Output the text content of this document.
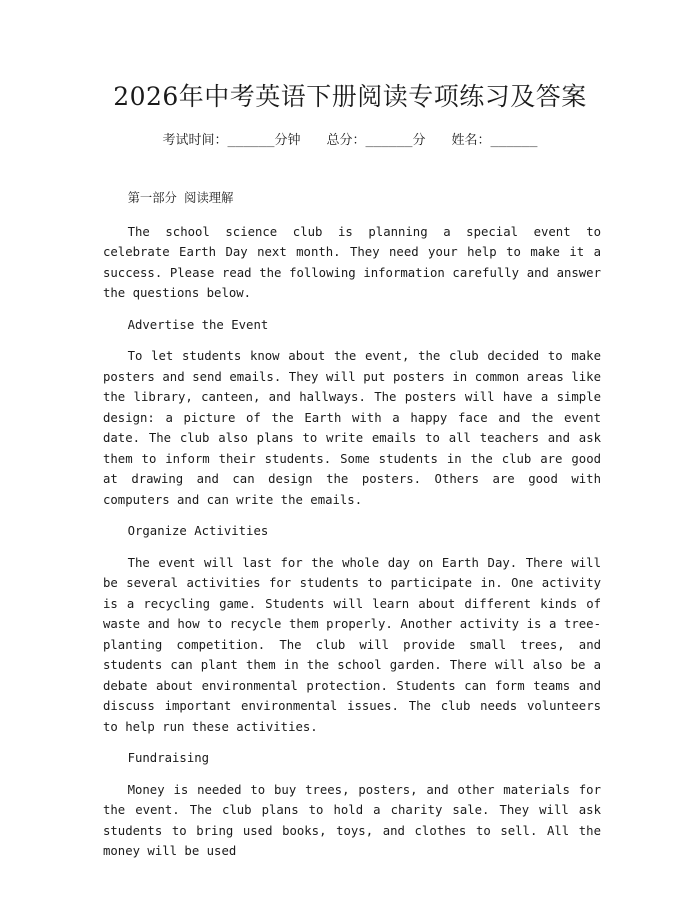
2026年中考英语下册阅读专项练习及答案
考试时间：______分钟 总分：______分 姓名：______

第一部分 阅读理解

The school science club is planning a special event to celebrate Earth Day next month. They need your help to make it a success. Please read the following information carefully and answer the questions below.

Advertise the Event

To let students know about the event, the club decided to make posters and send emails. They will put posters in common areas like the library, canteen, and hallways. The posters will have a simple design: a picture of the Earth with a happy face and the event date. The club also plans to write emails to all teachers and ask them to inform their students. Some students in the club are good at drawing and can design the posters. Others are good with computers and can write the emails.

Organize Activities

The event will last for the whole day on Earth Day. There will be several activities for students to participate in. One activity is a recycling game. Students will learn about different kinds of waste and how to recycle them properly. Another activity is a tree-planting competition. The club will provide small trees, and students can plant them in the school garden. There will also be a debate about environmental protection. Students can form teams and discuss important environmental issues. The club needs volunteers to help run these activities.

Fundraising

Money is needed to buy trees, posters, and other materials for the event. The club plans to hold a charity sale. They will ask students to bring used books, toys, and clothes to sell. All the money will be used
